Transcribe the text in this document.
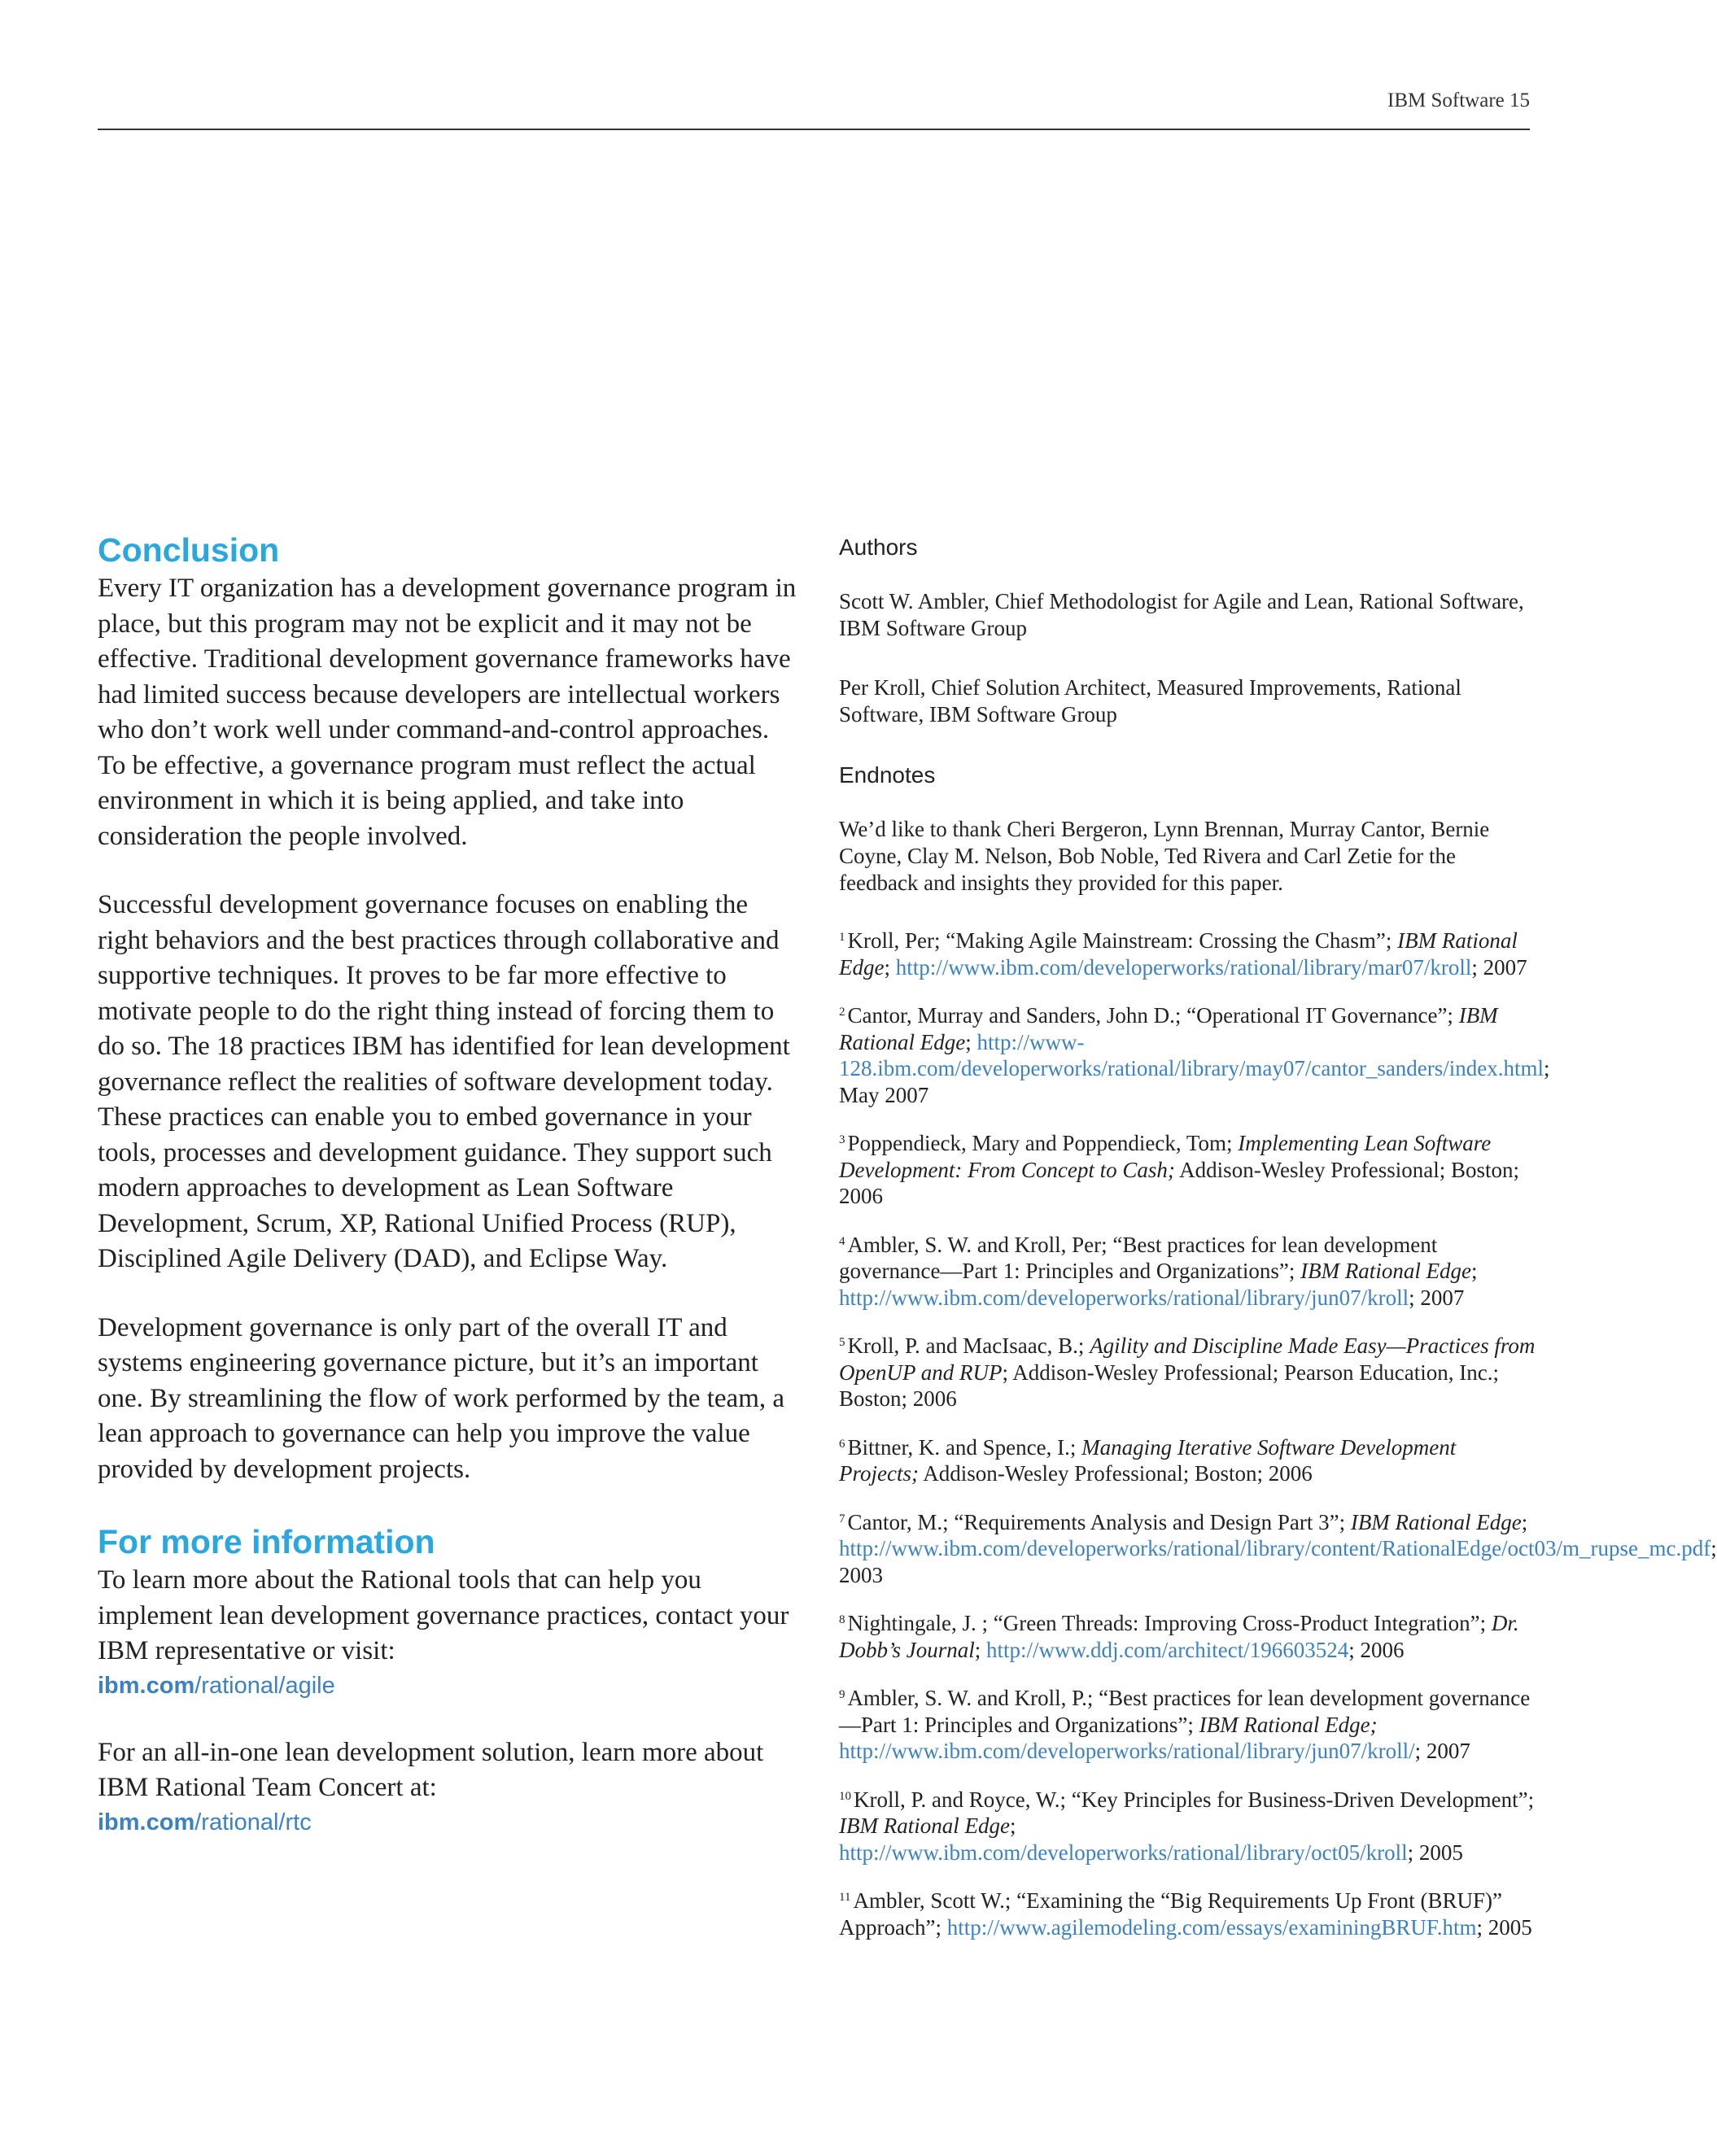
IBM Software 15
Conclusion

Every IT organization has a development governance program in place, but this program may not be explicit and it may not be effective. Traditional development governance frameworks have had limited success because developers are intellectual workers who don’t work well under command-and-control approaches. To be effective, a governance program must reflect the actual environment in which it is being applied, and take into consideration the people involved.

Successful development governance focuses on enabling the right behaviors and the best practices through collaborative and supportive techniques. It proves to be far more effective to motivate people to do the right thing instead of forcing them to do so. The 18 practices IBM has identified for lean development governance reflect the realities of software development today. These practices can enable you to embed governance in your tools, processes and development guidance. They support such modern approaches to development as Lean Software Development, Scrum, XP, Rational Unified Process (RUP), Disciplined Agile Delivery (DAD), and Eclipse Way.

Development governance is only part of the overall IT and systems engineering governance picture, but it’s an important one. By streamlining the flow of work performed by the team, a lean approach to governance can help you improve the value provided by development projects.

For more information

To learn more about the Rational tools that can help you implement lean development governance practices, contact your IBM representative or visit:

ibm.com/rational/agile

For an all-in-one lean development solution, learn more about IBM Rational Team Concert at:

ibm.com/rational/rtc
Authors

Scott W. Ambler, Chief Methodologist for Agile and Lean, Rational Software, IBM Software Group

Per Kroll, Chief Solution Architect, Measured Improvements, Rational Software, IBM Software Group

Endnotes

We’d like to thank Cheri Bergeron, Lynn Brennan, Murray Cantor, Bernie Coyne, Clay M. Nelson, Bob Noble, Ted Rivera and Carl Zetie for the feedback and insights they provided for this paper.

$^1$ Kroll, Per; “Making Agile Mainstream: Crossing the Chasm”; IBM Rational Edge; http://www.ibm.com/developerworks/rational/library/mar07/kroll; 2007

$^2$ Cantor, Murray and Sanders, John D.; “Operational IT Governance”; IBM Rational Edge; http://www-128.ibm.com/developerworks/rational/library/may07/cantor_sanders/index.html; May 2007

$^3$ Poppendieck, Mary and Poppendieck, Tom; Implementing Lean Software Development: From Concept to Cash; Addison-Wesley Professional; Boston; 2006

$^4$ Ambler, S. W. and Kroll, Per; “Best practices for lean development governance—Part 1: Principles and Organizations”; IBM Rational Edge; http://www.ibm.com/developerworks/rational/library/jun07/kroll; 2007

$^5$ Kroll, P. and MacIsaac, B.; Agility and Discipline Made Easy—Practices from OpenUP and RUP; Addison-Wesley Professional; Pearson Education, Inc.; Boston; 2006

$^6$ Bittner, K. and Spence, I.; Managing Iterative Software Development Projects; Addison-Wesley Professional; Boston; 2006

$^7$ Cantor, M.; “Requirements Analysis and Design Part 3”; IBM Rational Edge; http://www.ibm.com/developerworks/rational/library/content/RationalEdge/oct03/m_rupse_mc.pdf; 2003

$^8$ Nightingale, J. ; “Green Threads: Improving Cross-Product Integration”; Dr. Dobb’s Journal; http://www.ddj.com/architect/196603524; 2006

$^9$ Ambler, S. W. and Kroll, P.; “Best practices for lean development governance—Part 1: Principles and Organizations”; IBM Rational Edge; http://www.ibm.com/developerworks/rational/library/jun07/kroll/; 2007

$^{10}$ Kroll, P. and Royce, W.; “Key Principles for Business-Driven Development”; IBM Rational Edge; http://www.ibm.com/developerworks/rational/library/oct05/kroll; 2005

$^{11}$ Ambler, Scott W.; “Examining the “Big Requirements Up Front (BRUF)” Approach”; http://www.agilemodeling.com/essays/examiningBRUF.htm; 2005
